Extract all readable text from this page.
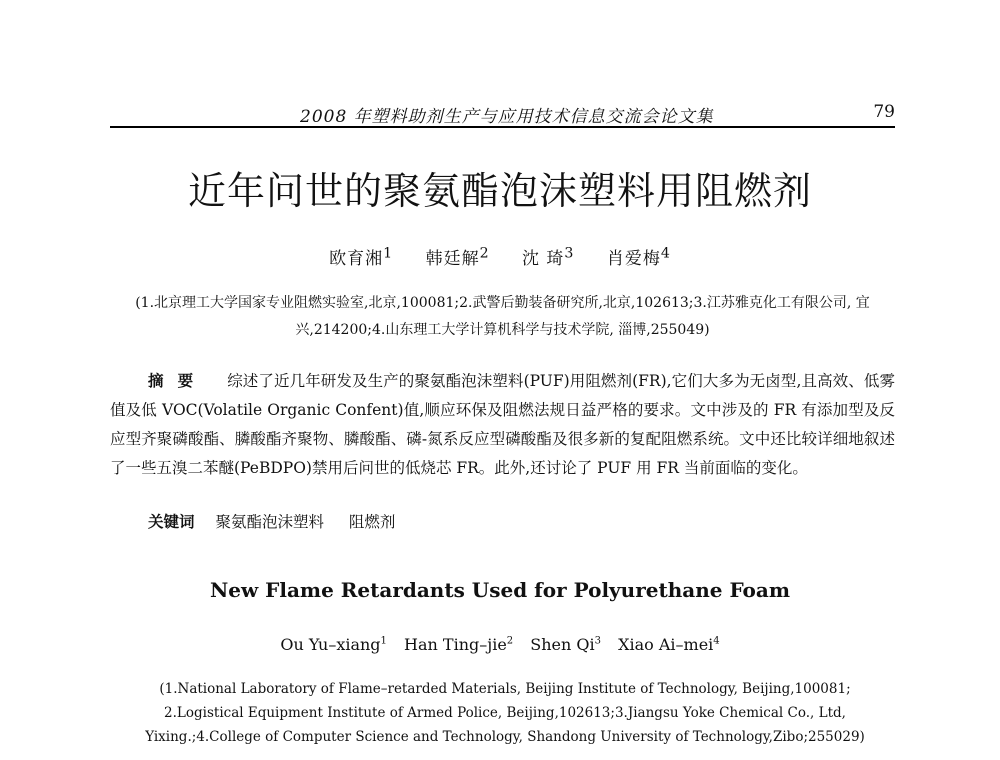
2008 年塑料助剂生产与应用技术信息交流会论文集	79
近年问世的聚氨酯泡沫塑料用阻燃剂
欧育湘$^1$ 韩廷解$^2$ 沈 琦$^3$ 肖爱梅$^4$
(1.北京理工大学国家专业阻燃实验室,北京,100081;2.武警后勤装备研究所,北京,102613;3.江苏雅克化工有限公司, 宜兴,214200;4.山东理工大学计算机科学与技术学院, 淄博,255049)
摘要 综述了近几年研发及生产的聚氨酯泡沫塑料(PUF)用阻燃剂(FR),它们大多为无卤型,且高效、低雾值及低 VOC(Volatile Organic Confent)值,顺应环保及阻燃法规日益严格的要求。文中涉及的 FR 有添加型及反应型齐聚磷酸酯、膦酸酯齐聚物、膦酸酯、磷-氮系反应型磷酸酯及很多新的复配阻燃系统。文中还比较详细地叙述了一些五溴二苯醚(PeBDPO)禁用后问世的低烧芯 FR。此外,还讨论了 PUF 用 FR 当前面临的变化。
关键词 聚氨酯泡沫塑料 阻燃剂
New Flame Retardants Used for Polyurethane Foam
Ou Yu–xiang$^1$ Han Ting–jie$^2$ Shen Qi$^3$ Xiao Ai–mei$^4$
(1.National Laboratory of Flame–retarded Materials, Beijing Institute of Technology, Beijing,100081; 2.Logistical Equipment Institute of Armed Police, Beijing,102613;3.Jiangsu Yoke Chemical Co., Ltd, Yixing.;4.College of Computer Science and Technology, Shandong University of Technology,Zibo;255029)
